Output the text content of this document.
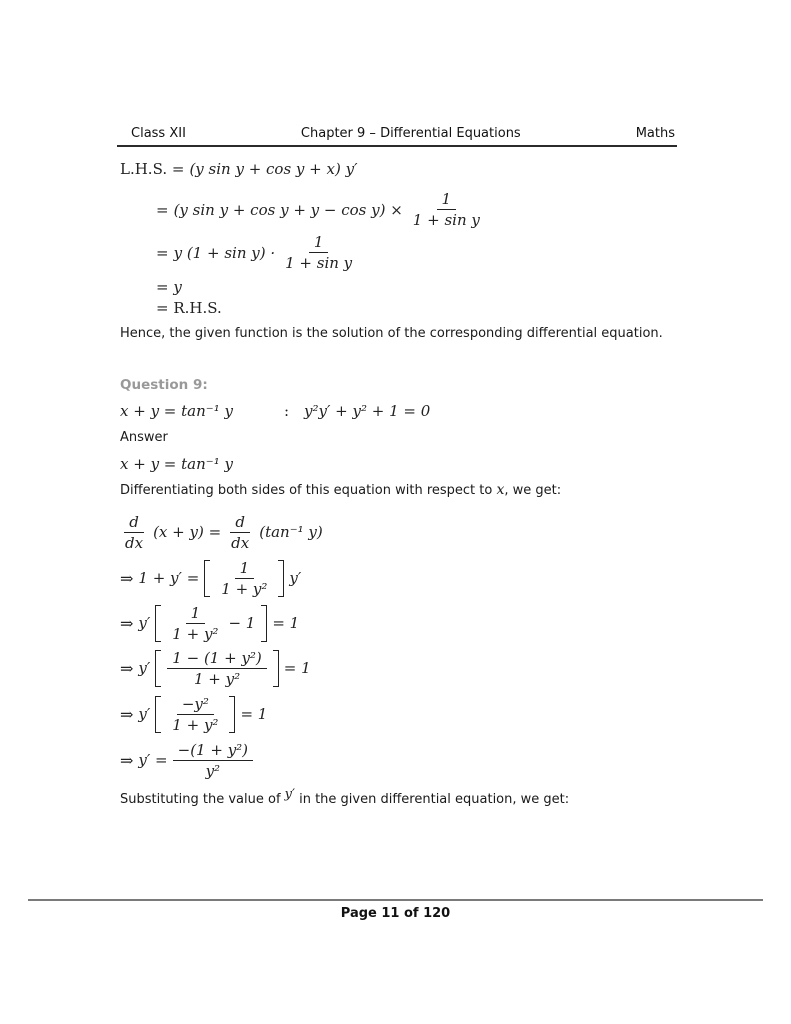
Class XII	Chapter 9 – Differential Equations	Maths
L.H.S. = (y sin y + cos y + x) y′
= (y $\sin y + \cos y + y - \cos y) \times \frac{1}{\text{1 + sin y}}$
= y $(1 + \sin y) \cdot \frac{1}{\text{1 + sin y}}$
= y
= R.H.S.
Hence, the given function is the solution of the corresponding differential equation.
Question 9:
x + y = tan⁻¹ y	: y²y′ + y² + 1 = 0
Answer
x + y = tan⁻¹ y
Differentiating both sides of this equation with respect to x, we get:
$\frac{d}{dx} (x + y) = \frac{d}{dx} (\tan^{-1}$ y)
⇒ $1 + y' = \frac{1}{\text{1 + y²}} y'$
⇒ $y' \frac{1}{\text{1 + y²}} - 1 = 1$
⇒ $y' \frac{\text{1 − (1 + y²)}}{\text{1 + y²}} = 1$
⇒ $y' \frac{\text{−y²}}{\text{1 + y²}} = 1$
⇒ $y' = \frac{\text{−(1 + y²)}}{\text{y²}}$
Substituting the value of y′ in the given differential equation, we get:
Page 11 of 120
